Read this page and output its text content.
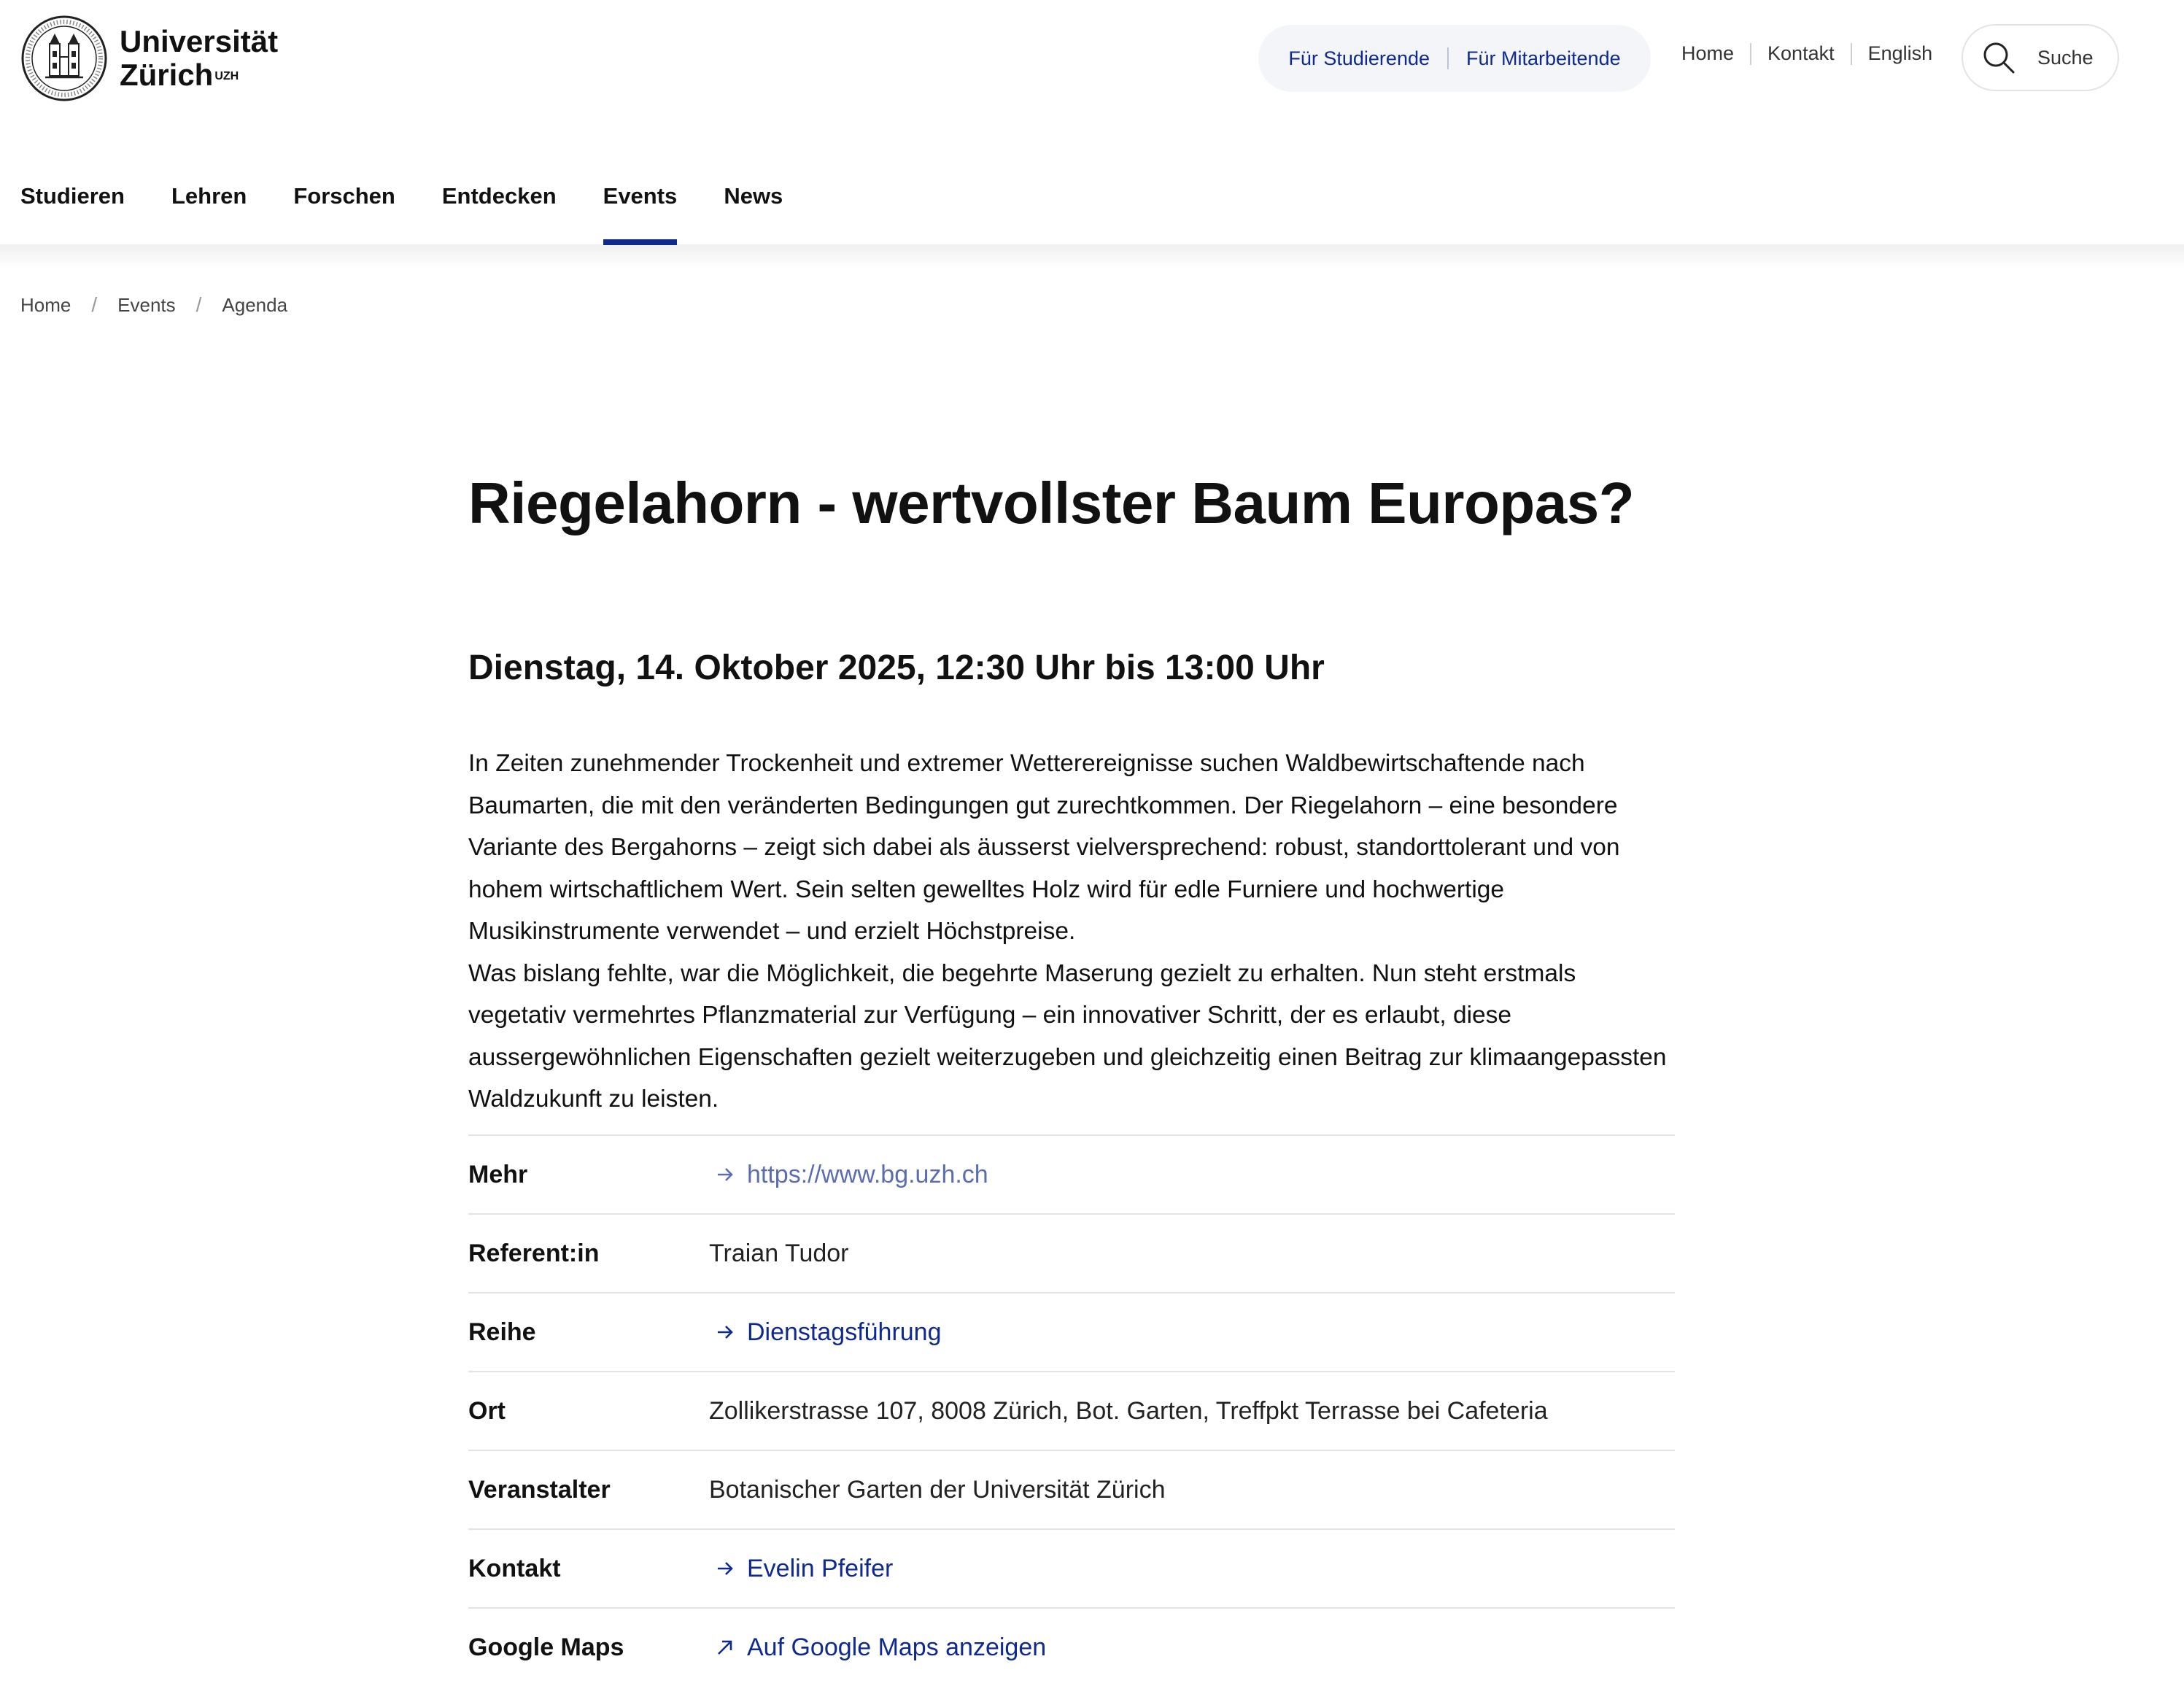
Universität
Zürich $^{UZH}$
Für Studierende Für Mitarbeitende	Home Kontakt English	Suche
Studieren Lehren Forschen Entdecken Events News
Home / Events / Agenda
Riegelahorn - wertvollster Baum Europas?
Dienstag, 14. Oktober 2025, 12:30 Uhr bis 13:00 Uhr

In Zeiten zunehmender Trockenheit und extremer Wetterereignisse suchen Waldbewirtschaftende nach Baumarten, die mit den veränderten Bedingungen gut zurechtkommen. Der Riegelahorn – eine besondere Variante des Bergahorns – zeigt sich dabei als äusserst vielversprechend: robust, standorttolerant und von hohem wirtschaftlichem Wert. Sein selten gewelltes Holz wird für edle Furniere und hochwertige Musikinstrumente verwendet – und erzielt Höchstpreise.

Was bislang fehlte, war die Möglichkeit, die begehrte Maserung gezielt zu erhalten. Nun steht erstmals vegetativ vermehrtes Pflanzmaterial zur Verfügung – ein innovativer Schritt, der es erlaubt, diese aussergewöhnlichen Eigenschaften gezielt weiterzugeben und gleichzeitig einen Beitrag zur klimaangepassten Waldzukunft zu leisten.

Mehr	https://www.bg.uzh.ch
Referent:in	Traian Tudor
Reihe	Dienstagsführung
Ort	Zollikerstrasse 107, 8008 Zürich, Bot. Garten, Treffpkt Terrasse bei Cafeteria
Veranstalter	Botanischer Garten der Universität Zürich
Kontakt	Evelin Pfeifer
Google Maps	Auf Google Maps anzeigen
